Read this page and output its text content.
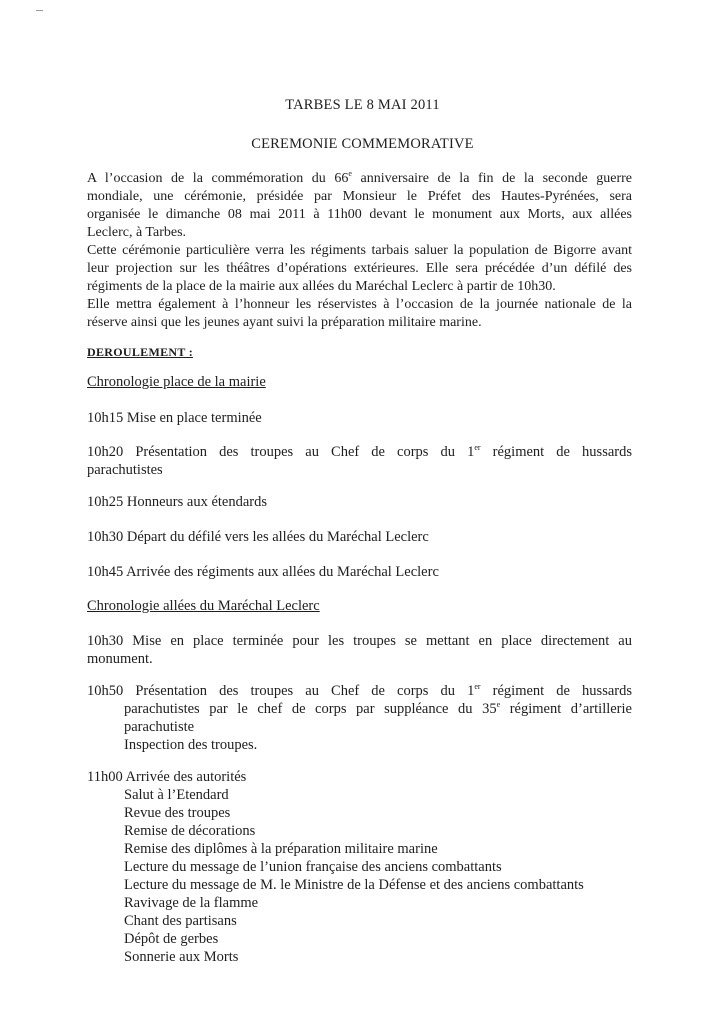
TARBES LE 8 MAI 2011
CEREMONIE COMMEMORATIVE
A l’occasion de la commémoration du 66e anniversaire de la fin de la seconde guerre
mondiale, une cérémonie, présidée par Monsieur le Préfet des Hautes-Pyrénées, sera
organisée le dimanche 08 mai 2011 à 11h00 devant le monument aux Morts, aux allées
Leclerc, à Tarbes.
Cette cérémonie particulière verra les régiments tarbais saluer la population de Bigorre avant
leur projection sur les théâtres d’opérations extérieures. Elle sera précédée d’un défilé des
régiments de la place de la mairie aux allées du Maréchal Leclerc à partir de 10h30.
Elle mettra également à l’honneur les réservistes à l’occasion de la journée nationale de la
réserve ainsi que les jeunes ayant suivi la préparation militaire marine.
DEROULEMENT :
Chronologie place de la mairie
10h15 Mise en place terminée
10h20 Présentation des troupes au Chef de corps du 1er régiment de hussards
parachutistes
10h25 Honneurs aux étendards
10h30 Départ du défilé vers les allées du Maréchal Leclerc
10h45 Arrivée des régiments aux allées du Maréchal Leclerc
Chronologie allées du Maréchal Leclerc
10h30 Mise en place terminée pour les troupes se mettant en place directement au
monument.
10h50 Présentation des troupes au Chef de corps du 1er régiment de hussards
parachutistes par le chef de corps par suppléance du 35e régiment d’artillerie
parachutiste
Inspection des troupes.
11h00 Arrivée des autorités
Salut à l’Etendard
Revue des troupes
Remise de décorations
Remise des diplômes à la préparation militaire marine
Lecture du message de l’union française des anciens combattants
Lecture du message de M. le Ministre de la Défense et des anciens combattants
Ravivage de la flamme
Chant des partisans
Dépôt de gerbes
Sonnerie aux Morts
